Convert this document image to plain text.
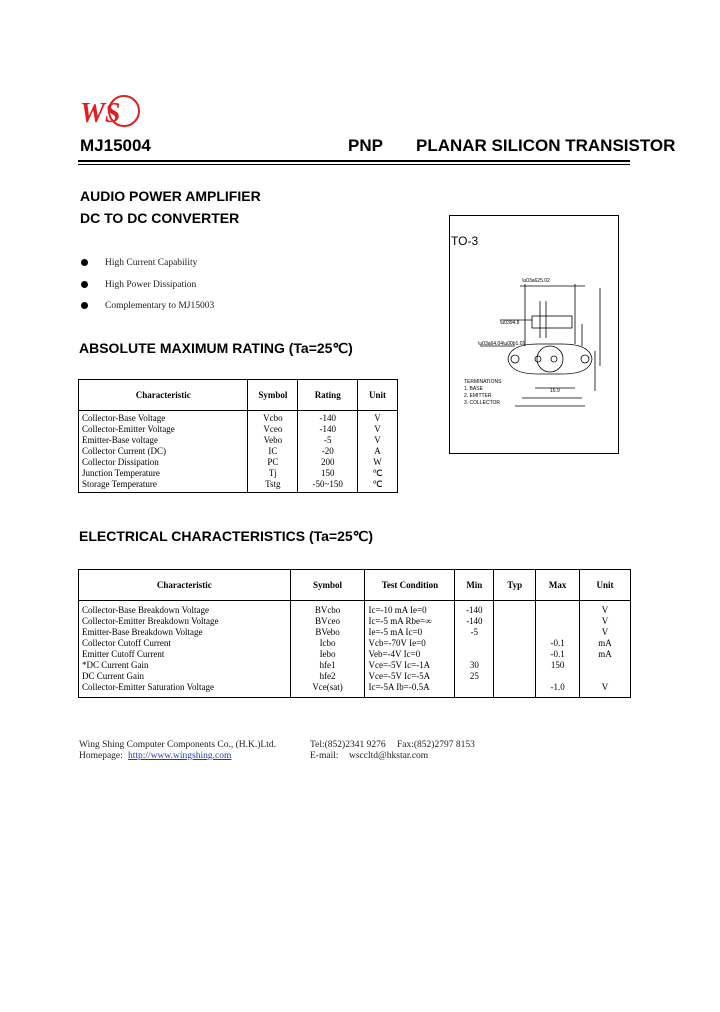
WS
MJ15004	PNP PLANAR SILICON TRANSISTOR
AUDIO POWER AMPLIFIER
DC TO DC CONVERTER
High Current Capability
High Power Dissipation
Complementary to MJ15003
TO-3
\u03a625.02
\u0394.8
\u03a64.04\u00b1.01
16.9
TERMINATIONS
1. BASE
2. EMITTER
3. COLLECTOR
ABSOLUTE MAXIMUM RATING (Ta=25℃)
Characteristic	Symbol	Rating	Unit
Collector-Base Voltage	Vcbo	-140	V
Collector-Emitter Voltage	Vceo	-140	V
Emitter-Base voltage	Vebo	-5	V
Collector Current (DC)	IC	-20	A
Collector Dissipation	PC	200	W
Junction Temperature	Tj	150	℃
Storage Temperature	Tstg	-50~150	℃
ELECTRICAL CHARACTERISTICS (Ta=25℃)
Characteristic	Symbol	Test Condition	Min	Typ	Max	Unit
Collector-Base Breakdown Voltage	BVcbo	Ic=-10 mA Ie=0	-140			V
Collector-Emitter Breakdown Voltage	BVceo	Ic=-5 mA Rbe=∞	-140			V
Emitter-Base Breakdown Voltage	BVebo	Ie=-5 mA Ic=0	-5			V
Collector Cutoff Current	Icbo	Vcb=-70V Ie=0			-0.1	mA
Emitter Cutoff Current	Iebo	Veb=-4V Ic=0			-0.1	mA
*DC Current Gain	hfe1	Vce=-5V Ic=-1A	30		150	
DC Current Gain	hfe2	Vce=-5V Ic=-5A	25			
Collector-Emitter Saturation Voltage	Vce(sat)	Ic=-5A Ib=-0.5A			-1.0	V
Wing Shing Computer Components Co., (H.K.)Ltd.	Tel:(852)2341 9276 Fax:(852)2797 8153
Homepage: http://www.wingshing.com	E-mail: wsccltd@hkstar.com
